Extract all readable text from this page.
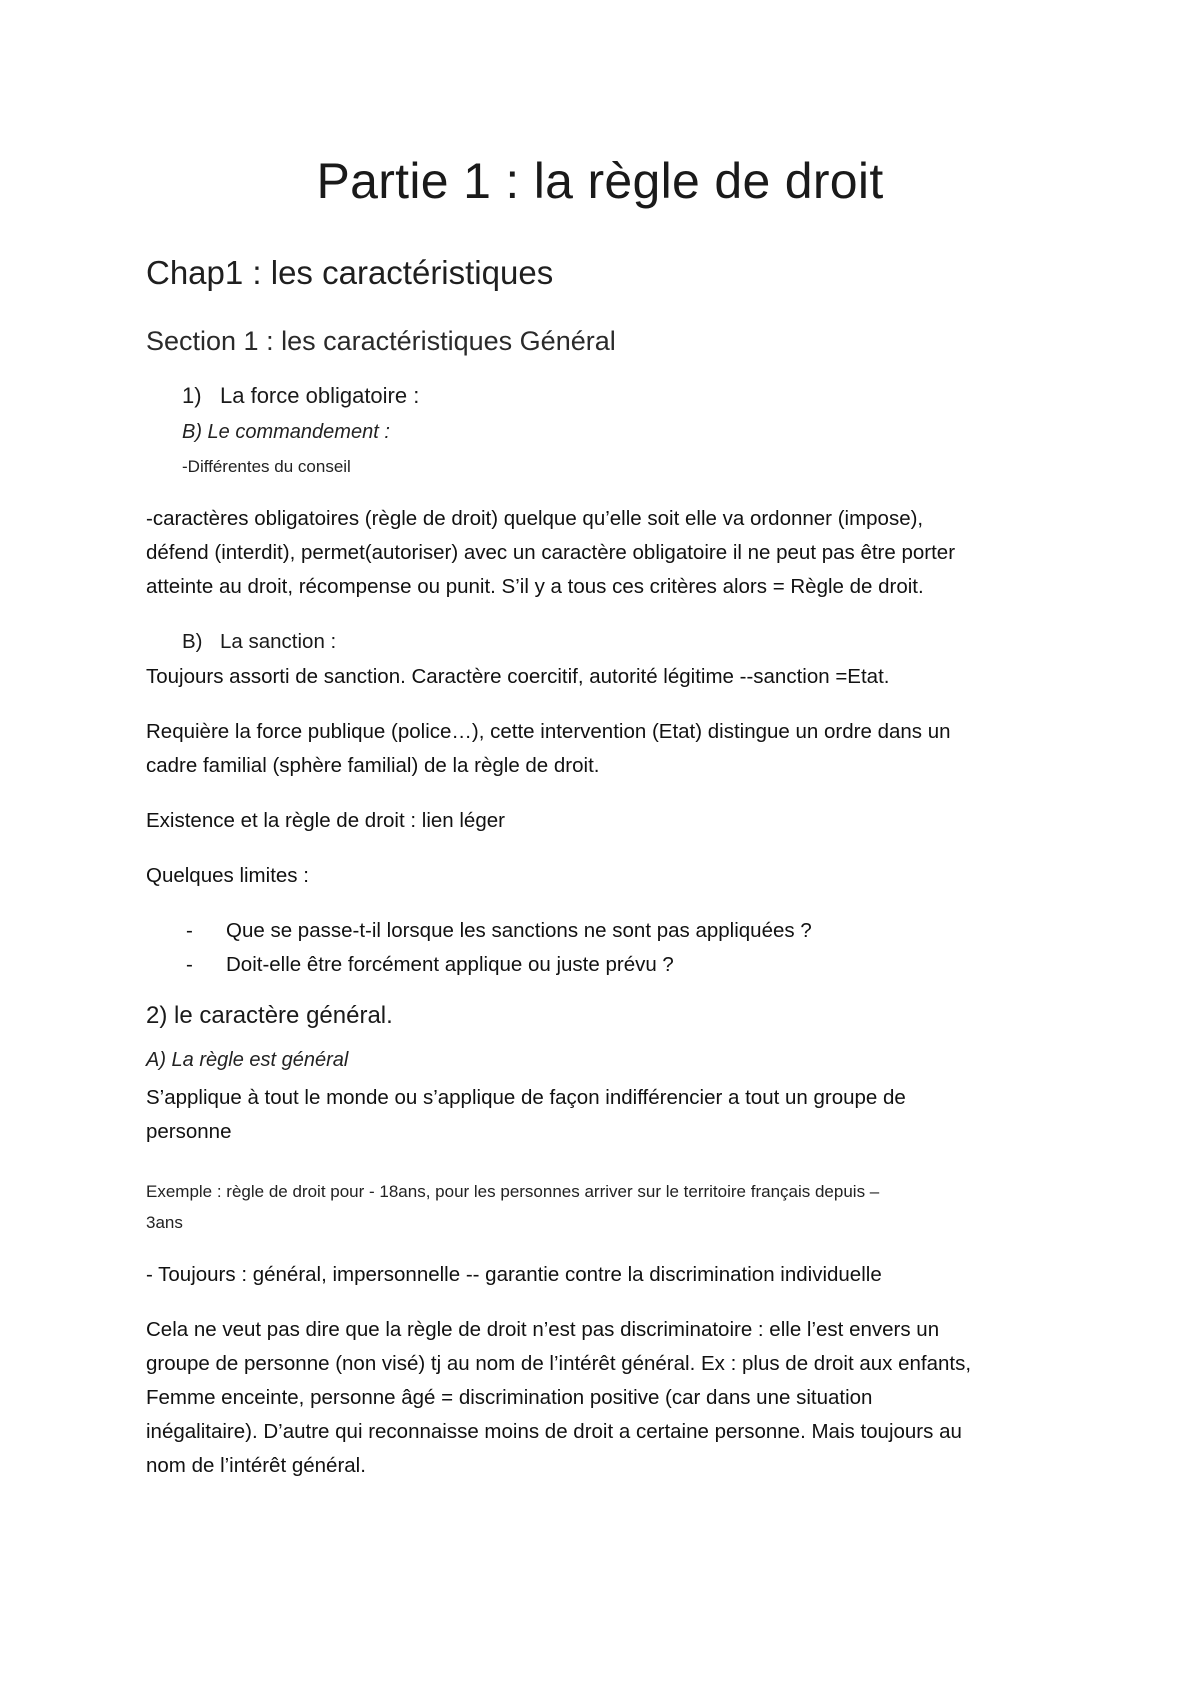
Partie 1 : la règle de droit
Chap1 : les caractéristiques
Section 1 : les caractéristiques Général
1) La force obligatoire :
B) Le commandement :
-Différentes du conseil
-caractères obligatoires (règle de droit) quelque qu’elle soit elle va ordonner (impose),
défend (interdit), permet(autoriser) avec un caractère obligatoire il ne peut pas être porter
atteinte au droit, récompense ou punit. S’il y a tous ces critères alors = Règle de droit.
B) La sanction :
Toujours assorti de sanction. Caractère coercitif, autorité légitime --sanction =Etat.
Requière la force publique (police…), cette intervention (Etat) distingue un ordre dans un
cadre familial (sphère familial) de la règle de droit.
Existence et la règle de droit : lien léger
Quelques limites :
- Que se passe-t-il lorsque les sanctions ne sont pas appliquées ?
- Doit-elle être forcément applique ou juste prévu ?
2) le caractère général.
A) La règle est général
S’applique à tout le monde ou s’applique de façon indifférencier a tout un groupe de
personne
Exemple : règle de droit pour - 18ans, pour les personnes arriver sur le territoire français depuis –
3ans
- Toujours : général, impersonnelle -- garantie contre la discrimination individuelle
Cela ne veut pas dire que la règle de droit n’est pas discriminatoire : elle l’est envers un
groupe de personne (non visé) tj au nom de l’intérêt général. Ex : plus de droit aux enfants,
Femme enceinte, personne âgé = discrimination positive (car dans une situation
inégalitaire). D’autre qui reconnaisse moins de droit a certaine personne. Mais toujours au
nom de l’intérêt général.
